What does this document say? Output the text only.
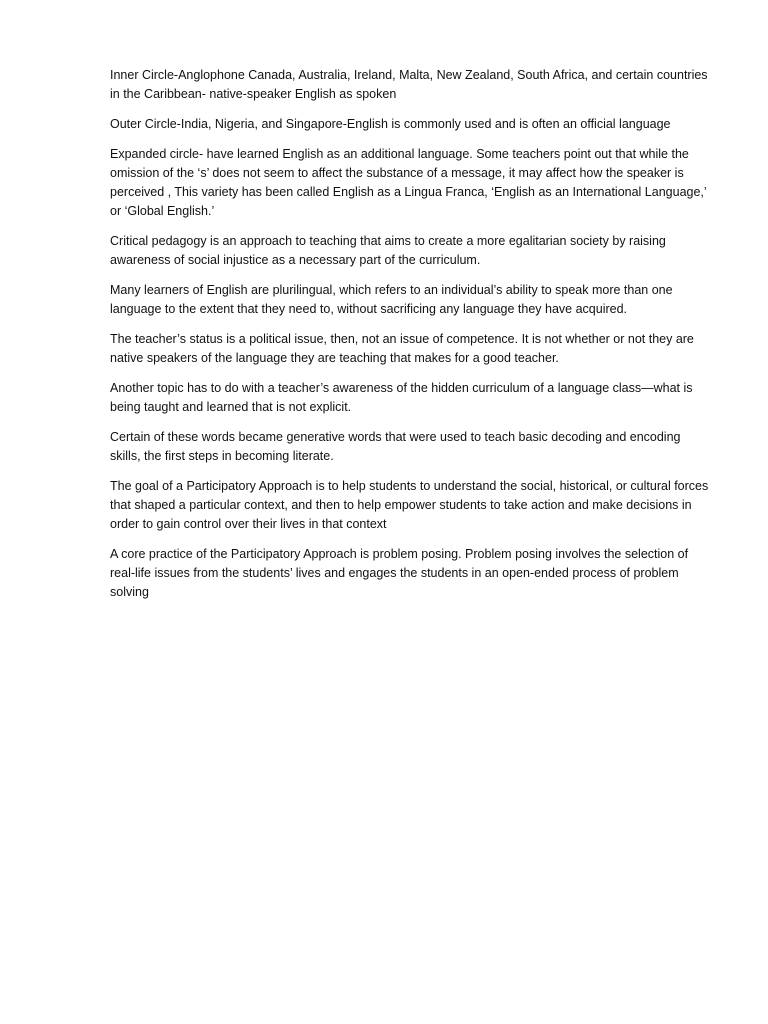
Inner Circle-Anglophone Canada, Australia, Ireland, Malta, New Zealand, South Africa, and certain countries in the Caribbean- native-speaker English as spoken

Outer Circle-India, Nigeria, and Singapore-English is commonly used and is often an official language

Expanded circle- have learned English as an additional language. Some teachers point out that while the omission of the ‘s’ does not seem to affect the substance of a message, it may affect how the speaker is perceived , This variety has been called English as a Lingua Franca, ‘English as an International Language,’ or ‘Global English.’

Critical pedagogy is an approach to teaching that aims to create a more egalitarian society by raising awareness of social injustice as a necessary part of the curriculum.

Many learners of English are plurilingual, which refers to an individual’s ability to speak more than one language to the extent that they need to, without sacrificing any language they have acquired.

The teacher’s status is a political issue, then, not an issue of competence. It is not whether or not they are native speakers of the language they are teaching that makes for a good teacher.

Another topic has to do with a teacher’s awareness of the hidden curriculum of a language class—what is being taught and learned that is not explicit.

Certain of these words became generative words that were used to teach basic decoding and encoding skills, the first steps in becoming literate.

The goal of a Participatory Approach is to help students to understand the social, historical, or cultural forces that shaped a particular context, and then to help empower students to take action and make decisions in order to gain control over their lives in that context

A core practice of the Participatory Approach is problem posing. Problem posing involves the selection of real-life issues from the students’ lives and engages the students in an open-ended process of problem solving
